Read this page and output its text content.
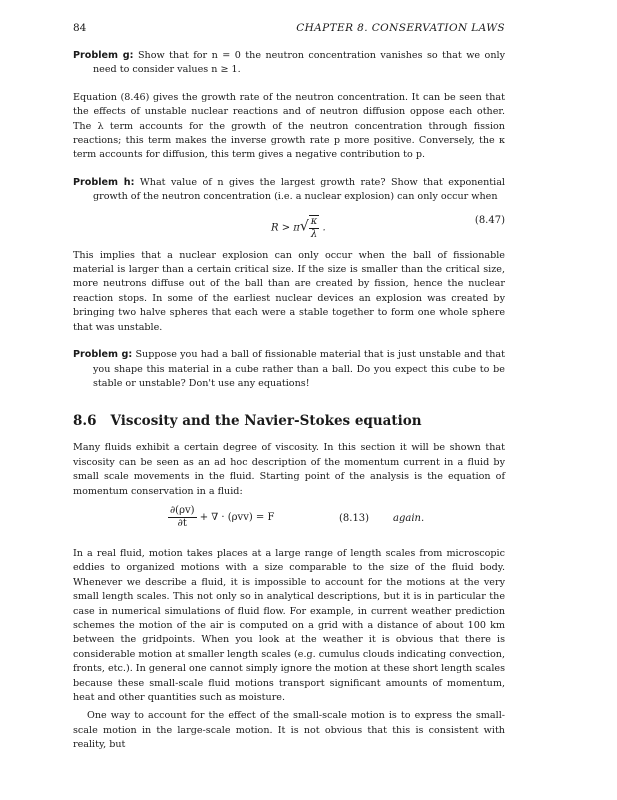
84	CHAPTER 8. CONSERVATION LAWS

Problem g: Show that for n = 0 the neutron concentration vanishes so that we only need to consider values n ≥ 1.

Equation (8.46) gives the growth rate of the neutron concentration. It can be seen that the effects of unstable nuclear reactions and of neutron diffusion oppose each other. The λ term accounts for the growth of the neutron concentration through fission reactions; this term makes the inverse growth rate p more positive. Conversely, the κ term accounts for diffusion, this term gives a negative contribution to p.

Problem h: What value of n gives the largest growth rate? Show that exponential growth of the neutron concentration (i.e. a nuclear explosion) can only occur when

$R > \pi√ \frac{\kappa}{\lambda}$ .
(8.47)

This implies that a nuclear explosion can only occur when the ball of fissionable material is larger than a certain critical size. If the size is smaller than the critical size, more neutrons diffuse out of the ball than are created by fission, hence the nuclear reaction stops. In some of the earliest nuclear devices an explosion was created by bringing two halve spheres that each were a stable together to form one whole sphere that was unstable.

Problem g: Suppose you had a ball of fissionable material that is just unstable and that you shape this material in a cube rather than a ball. Do you expect this cube to be stable or unstable? Don't use any equations!

8.6 Viscosity and the Navier-Stokes equation

Many fluids exhibit a certain degree of viscosity. In this section it will be shown that viscosity can be seen as an ad hoc description of the momentum current in a fluid by small scale movements in the fluid. Starting point of the analysis is the equation of momentum conservation in a fluid:

$\frac{\partial(\rho v)}{\partial t}$ + ∇ · (ρvv) = F	(8.13) again.

In a real fluid, motion takes places at a large range of length scales from microscopic eddies to organized motions with a size comparable to the size of the fluid body. Whenever we describe a fluid, it is impossible to account for the motions at the very small length scales. This not only so in analytical descriptions, but it is in particular the case in numerical simulations of fluid flow. For example, in current weather prediction schemes the motion of the air is computed on a grid with a distance of about 100 km between the gridpoints. When you look at the weather it is obvious that there is considerable motion at smaller length scales (e.g. cumulus clouds indicating convection, fronts, etc.). In general one cannot simply ignore the motion at these short length scales because these small-scale fluid motions transport significant amounts of momentum, heat and other quantities such as moisture.

One way to account for the effect of the small-scale motion is to express the small-scale motion in the large-scale motion. It is not obvious that this is consistent with reality, but
